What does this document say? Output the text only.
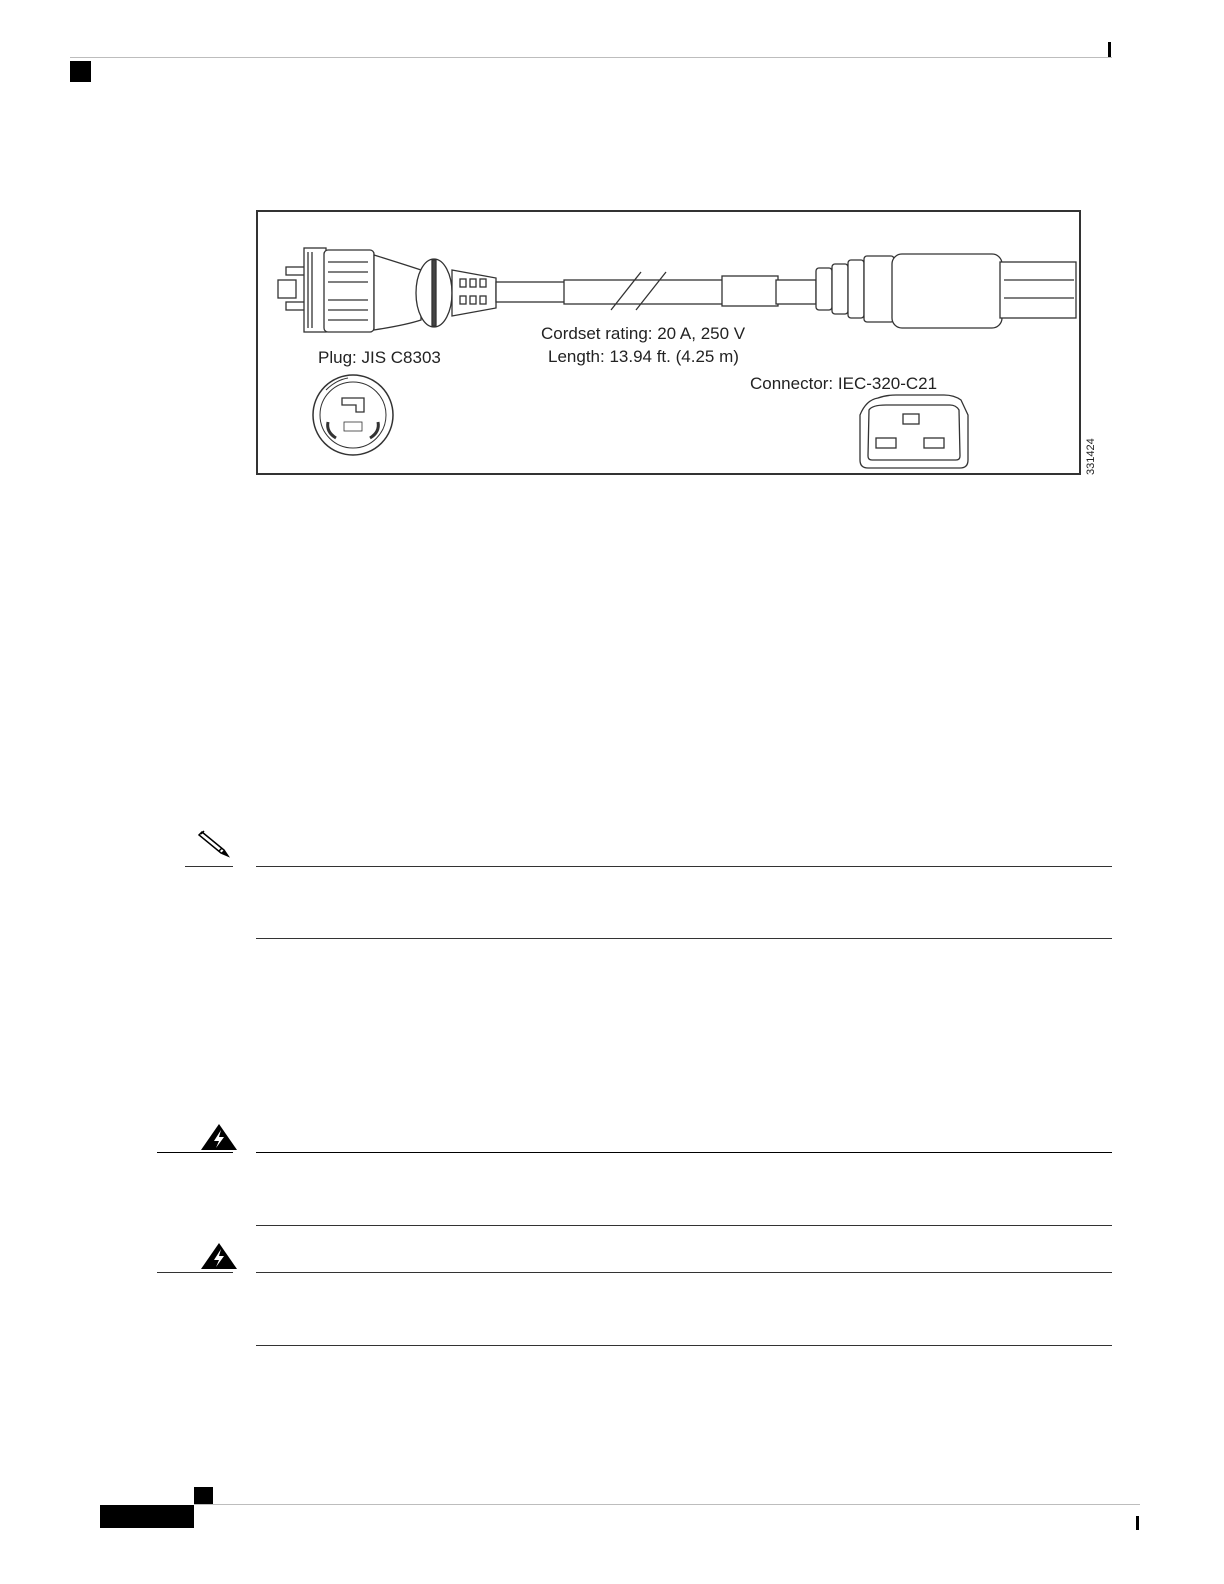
Cordset rating: 20 A, 250 V
Length: 13.94 ft. (4.25 m)
Plug: JIS C8303
Connector: IEC-320-C21
331424
